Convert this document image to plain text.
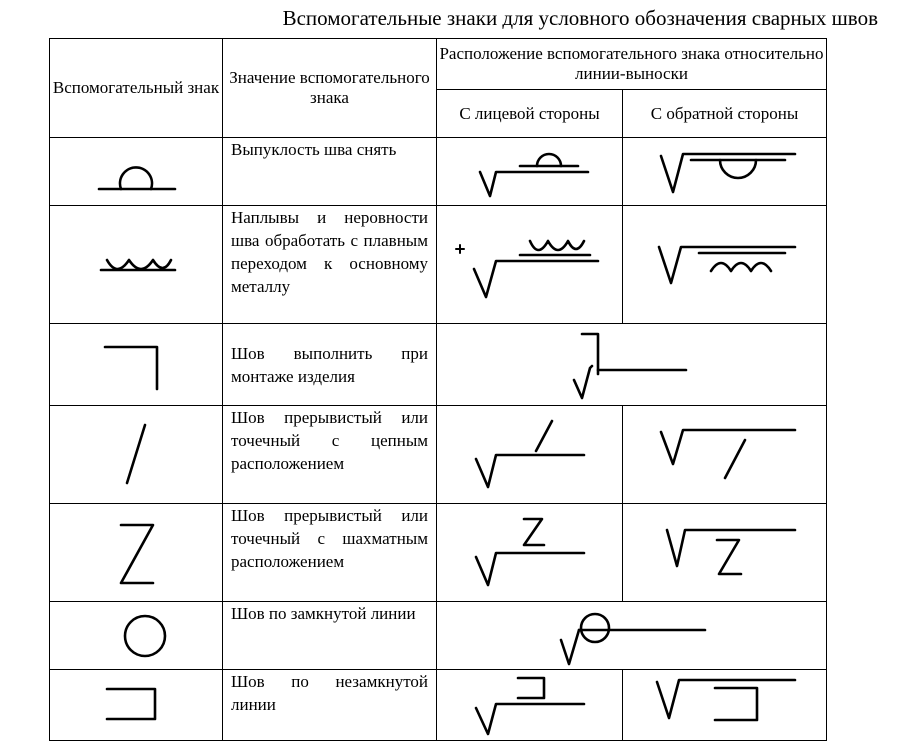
Вспомогательные знаки для условного обозначения сварных швов
Вспомогательный знак	Значение вспомогательного знака	Расположение вспомогательного знака относительно линии-выноски	
		С лицевой стороны	С обратной стороны

	Выпуклость шва снять	

	Наплывы и неровности шва обработать с плавным переходом к основному металлу	

	Шов выполнить при монтаже изделия	

	Шов прерывистый или точечный с цепным расположением	

	Шов прерывистый или точечный с шахматным расположением	

	Шов по замкнутой линии	

	Шов по незамкнутой линии	
